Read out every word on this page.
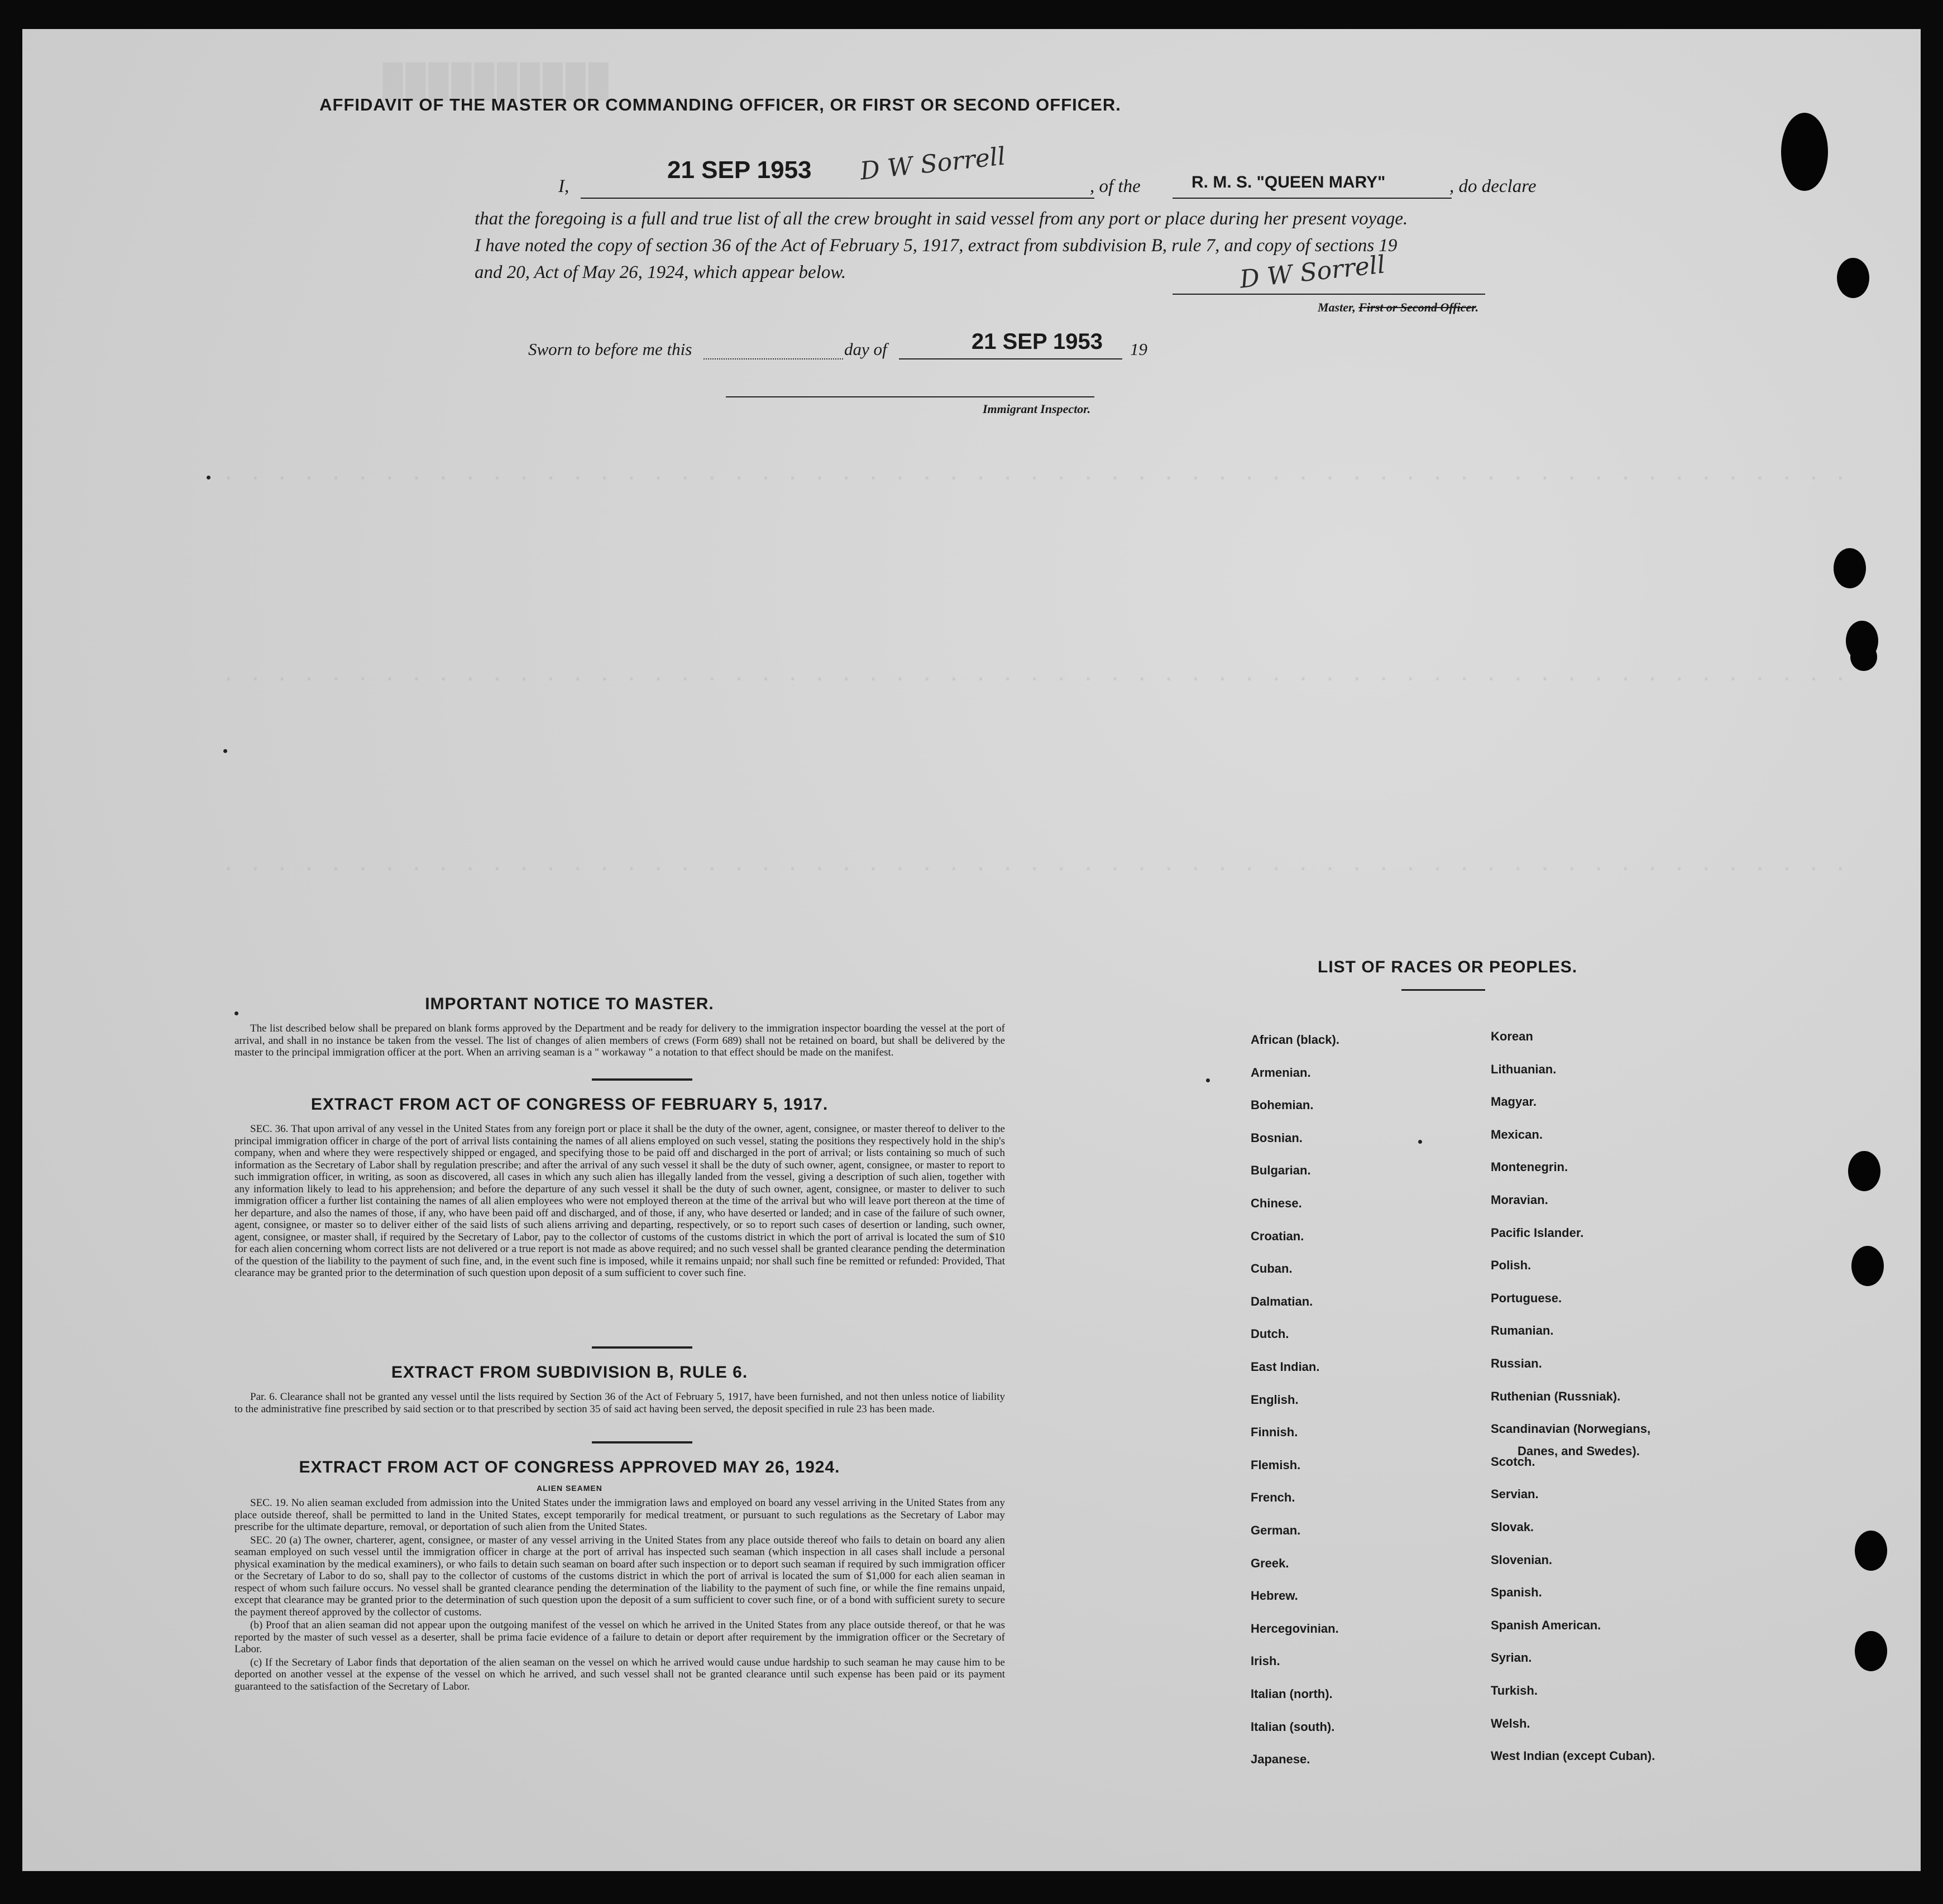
██████████
. . . . . . . . . . . . . . . . . . . . . . . . . . . . . . . . . . . . . . . . . . . . . . . . . . . . . . . . . . . . .
. . . . . . . . . . . . . . . . . . . . . . . . . . . . . . . . . . . . . . . . . . . . . . . . . . . . . . . . . . . . .
. . . . . . . . . . . . . . . . . . . . . . . . . . . . . . . . . . . . . . . . . . . . . . . . . . . . . . . . . . . . .
AFFIDAVIT OF THE MASTER OR COMMANDING OFFICER, OR FIRST OR SECOND OFFICER.
I,
21 SEP 1953 D W Sorrell
, of the	R. M. S. "QUEEN MARY"	, do declare
that the foregoing is a full and true list of all the crew brought in said vessel from any port or place during her present voyage.
I have noted the copy of section 36 of the Act of February 5, 1917, extract from subdivision B, rule 7, and copy of sections 19
and 20, Act of May 26, 1924, which appear below.	D W Sorrell
Master, First or Second Officer.
Sworn to before me this	day of	21 SEP 1953 19
Immigrant Inspector.
IMPORTANT NOTICE TO MASTER.

The list described below shall be prepared on blank forms approved by the Department and be ready for delivery to the immigration inspector boarding the vessel at the port of arrival, and shall in no instance be taken from the vessel. The list of changes of alien members of crews (Form 689) shall not be retained on board, but shall be delivered by the master to the principal immigration officer at the port. When an arriving seaman is a " workaway " a notation to that effect should be made on the manifest.

EXTRACT FROM ACT OF CONGRESS OF FEBRUARY 5, 1917.

SEC. 36. That upon arrival of any vessel in the United States from any foreign port or place it shall be the duty of the owner, agent, consignee, or master thereof to deliver to the principal immigration officer in charge of the port of arrival lists containing the names of all aliens employed on such vessel, stating the positions they respectively hold in the ship's company, when and where they were respectively shipped or engaged, and specifying those to be paid off and discharged in the port of arrival; or lists containing so much of such information as the Secretary of Labor shall by regulation prescribe; and after the arrival of any such vessel it shall be the duty of such owner, agent, consignee, or master to report to such immigration officer, in writing, as soon as discovered, all cases in which any such alien has illegally landed from the vessel, giving a description of such alien, together with any information likely to lead to his apprehension; and before the departure of any such vessel it shall be the duty of such owner, agent, consignee, or master to deliver to such immigration officer a further list containing the names of all alien employees who were not employed thereon at the time of the arrival but who will leave port thereon at the time of her departure, and also the names of those, if any, who have been paid off and discharged, and of those, if any, who have deserted or landed; and in case of the failure of such owner, agent, consignee, or master so to deliver either of the said lists of such aliens arriving and departing, respectively, or so to report such cases of desertion or landing, such owner, agent, consignee, or master shall, if required by the Secretary of Labor, pay to the collector of customs of the customs district in which the port of arrival is located the sum of $10 for each alien concerning whom correct lists are not delivered or a true report is not made as above required; and no such vessel shall be granted clearance pending the determination of the question of the liability to the payment of such fine, and, in the event such fine is imposed, while it remains unpaid; nor shall such fine be remitted or refunded: Provided, That clearance may be granted prior to the determination of such question upon deposit of a sum sufficient to cover such fine.

EXTRACT FROM SUBDIVISION B, RULE 6.

Par. 6. Clearance shall not be granted any vessel until the lists required by Section 36 of the Act of February 5, 1917, have been furnished, and not then unless notice of liability to the administrative fine prescribed by said section or to that prescribed by section 35 of said act having been served, the deposit specified in rule 23 has been made.

EXTRACT FROM ACT OF CONGRESS APPROVED MAY 26, 1924.
ALIEN SEAMEN

SEC. 19. No alien seaman excluded from admission into the United States under the immigration laws and employed on board any vessel arriving in the United States from any place outside thereof, shall be permitted to land in the United States, except temporarily for medical treatment, or pursuant to such regulations as the Secretary of Labor may prescribe for the ultimate departure, removal, or deportation of such alien from the United States.

SEC. 20 (a) The owner, charterer, agent, consignee, or master of any vessel arriving in the United States from any place outside thereof who fails to detain on board any alien seaman employed on such vessel until the immigration officer in charge at the port of arrival has inspected such seaman (which inspection in all cases shall include a personal physical examination by the medical examiners), or who fails to detain such seaman on board after such inspection or to deport such seaman if required by such immigration officer or the Secretary of Labor to do so, shall pay to the collector of customs of the customs district in which the port of arrival is located the sum of $1,000 for each alien seaman in respect of whom such failure occurs. No vessel shall be granted clearance pending the determination of the liability to the payment of such fine, or while the fine remains unpaid, except that clearance may be granted prior to the determination of such question upon the deposit of a sum sufficient to cover such fine, or of a bond with sufficient surety to secure the payment thereof approved by the collector of customs.

(b) Proof that an alien seaman did not appear upon the outgoing manifest of the vessel on which he arrived in the United States from any place outside thereof, or that he was reported by the master of such vessel as a deserter, shall be prima facie evidence of a failure to detain or deport after requirement by the immigration officer or the Secretary of Labor.

(c) If the Secretary of Labor finds that deportation of the alien seaman on the vessel on which he arrived would cause undue hardship to such seaman he may cause him to be deported on another vessel at the expense of the vessel on which he arrived, and such vessel shall not be granted clearance until such expense has been paid or its payment guaranteed to the satisfaction of the Secretary of Labor.

LIST OF RACES OR PEOPLES.
Danes, and Swedes).
African (black).
Armenian.
Bohemian.
Bosnian.
Bulgarian.
Chinese.
Croatian.
Cuban.
Dalmatian.
Dutch.
East Indian.
English.
Finnish.
Flemish.
French.
German.
Greek.
Hebrew.
Hercegovinian.
Irish.
Italian (north).
Italian (south).
Japanese.
Korean
Lithuanian.
Magyar.
Mexican.
Montenegrin.
Moravian.
Pacific Islander.
Polish.
Portuguese.
Rumanian.
Russian.
Ruthenian (Russniak).
Scandinavian (Norwegians,
Scotch.
Servian.
Slovak.
Slovenian.
Spanish.
Spanish American.
Syrian.
Turkish.
Welsh.
West Indian (except Cuban).
